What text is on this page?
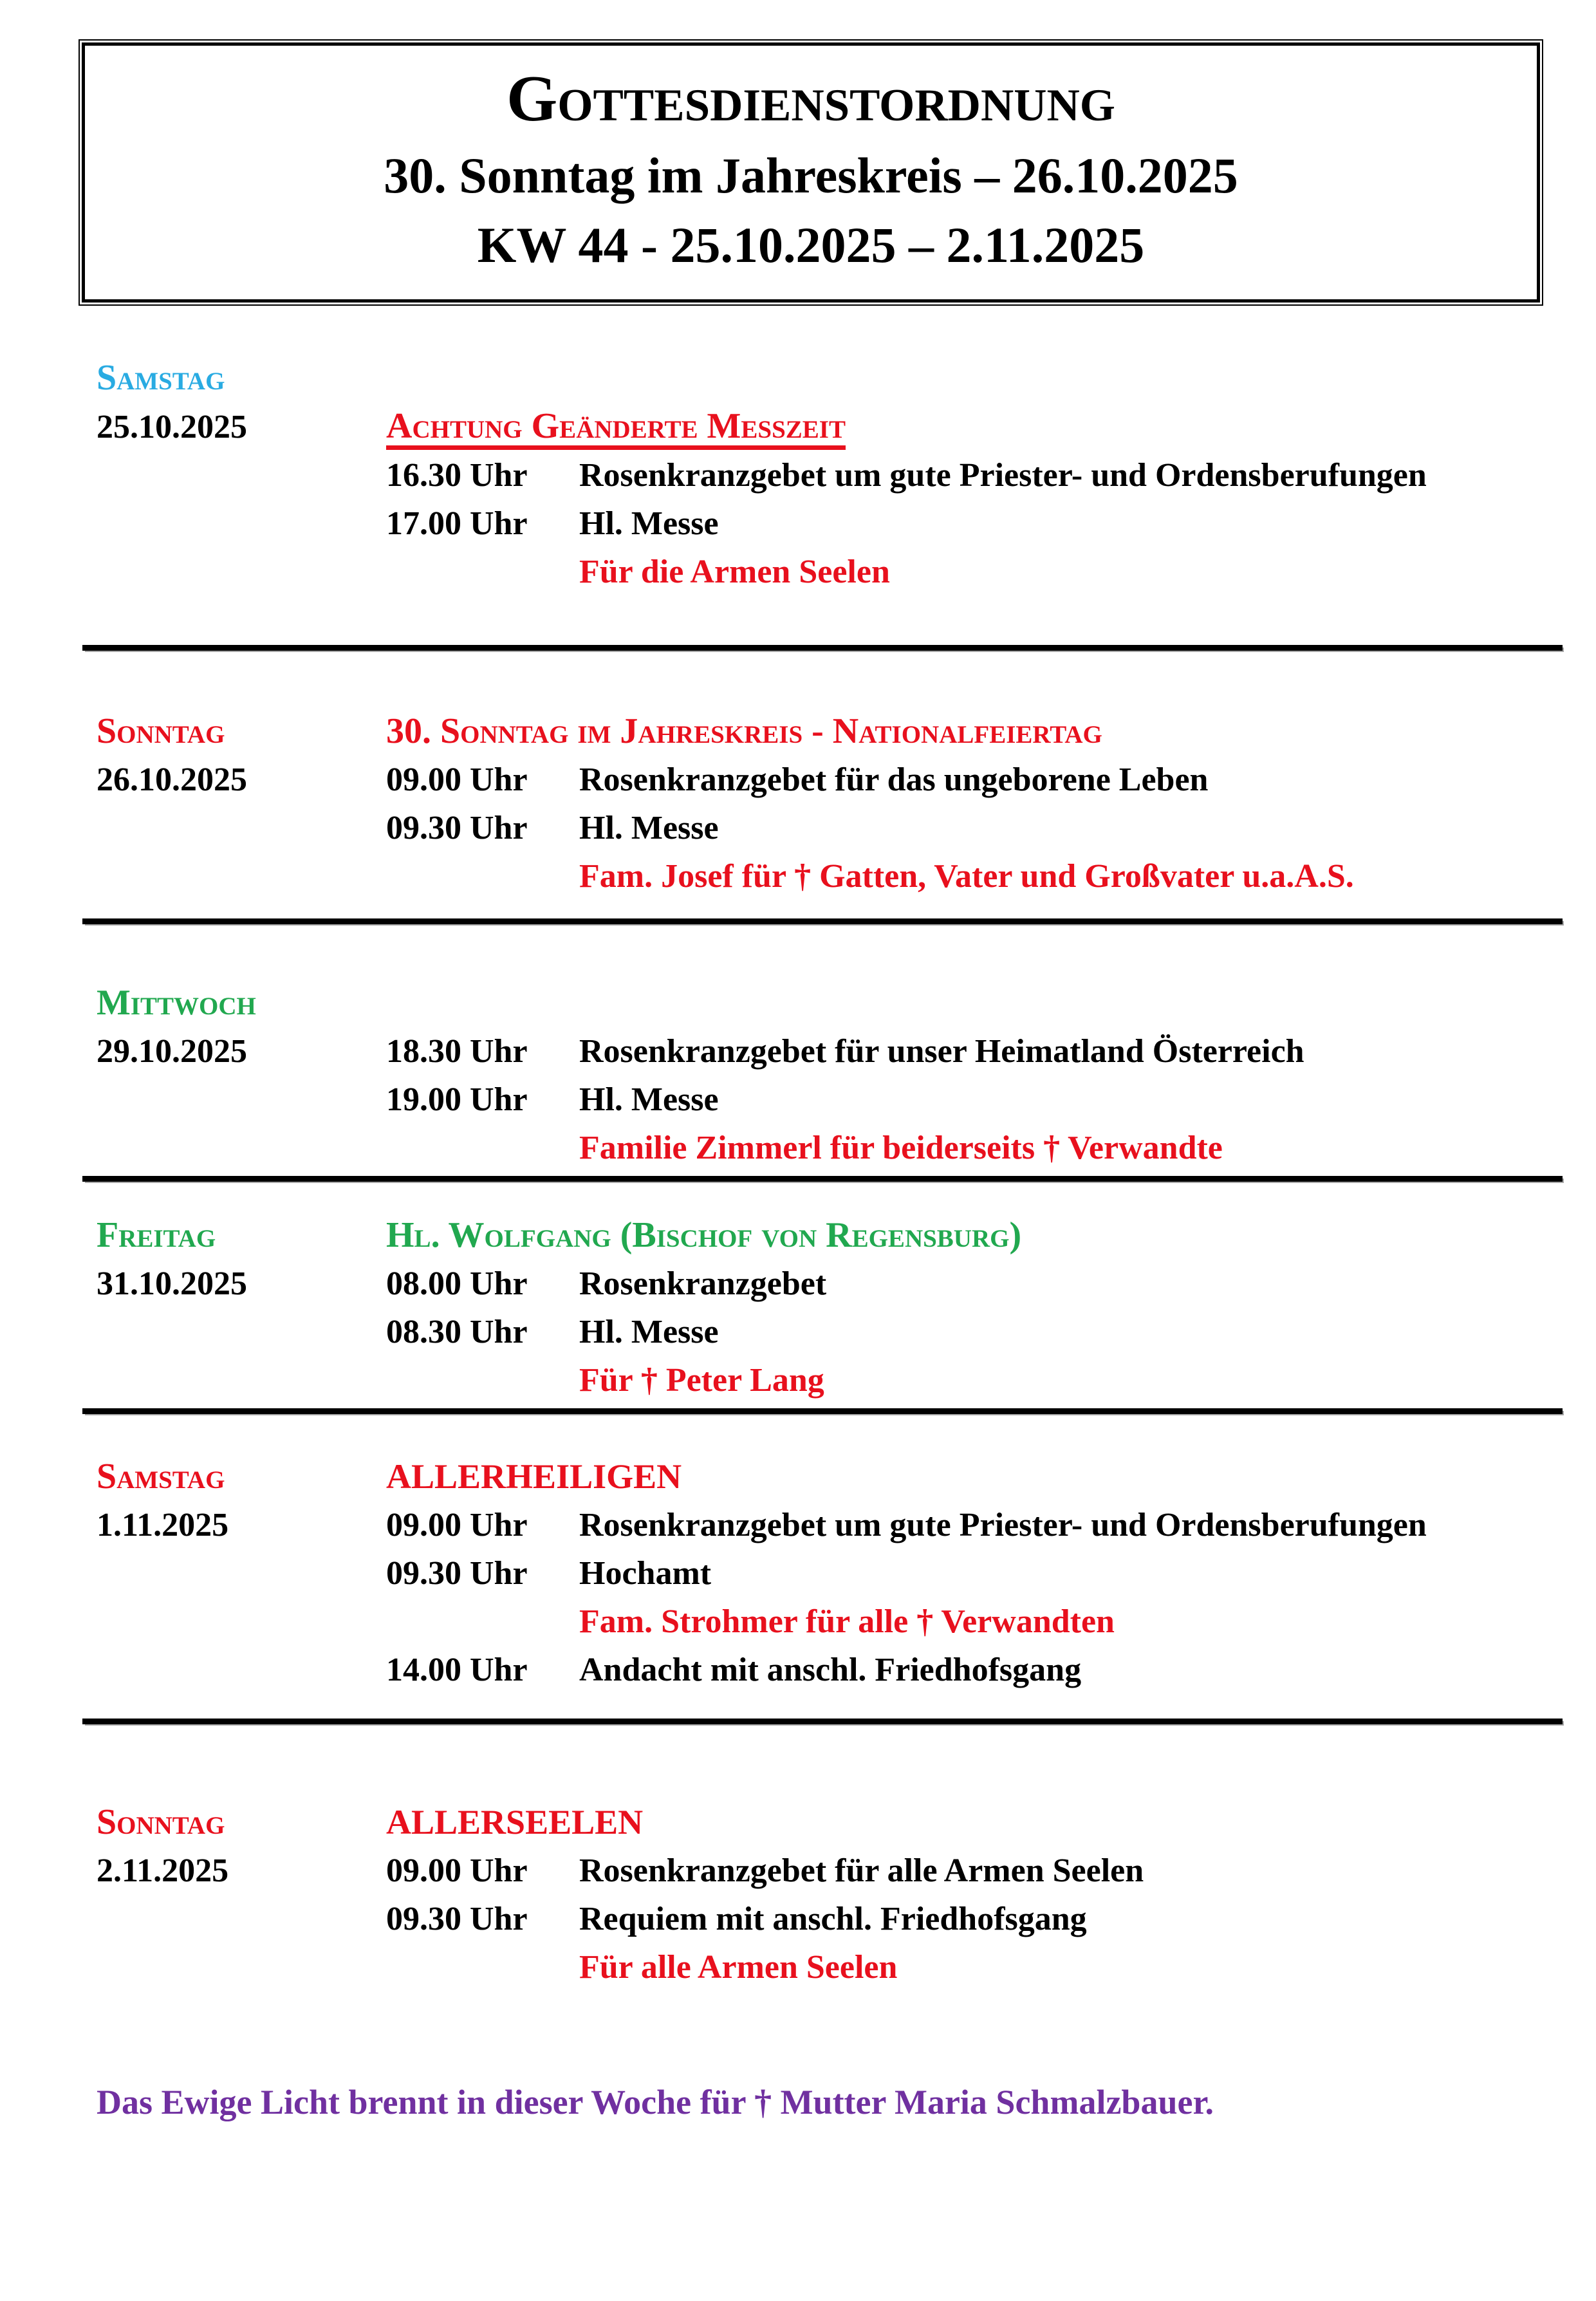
Gottesdienstordnung
30. Sonntag im Jahreskreis – 26.10.2025
KW 44 - 25.10.2025 – 2.11.2025
Samstag
25.10.2025	Achtung Geänderte Messzeit
16.30 Uhr	Rosenkranzgebet um gute Priester- und Ordensberufungen
17.00 Uhr	Hl. Messe
Für die Armen Seelen
Sonntag	30. Sonntag im Jahreskreis - Nationalfeiertag
26.10.2025	09.00 Uhr	Rosenkranzgebet für das ungeborene Leben
09.30 Uhr	Hl. Messe
Fam. Josef für † Gatten, Vater und Großvater u.a.A.S.
Mittwoch
29.10.2025	18.30 Uhr	Rosenkranzgebet für unser Heimatland Österreich
19.00 Uhr	Hl. Messe
Familie Zimmerl für beiderseits † Verwandte
Freitag	Hl. Wolfgang (Bischof von Regensburg)
31.10.2025	08.00 Uhr	Rosenkranzgebet
08.30 Uhr	Hl. Messe
Für † Peter Lang
Samstag	ALLERHEILIGEN
1.11.2025	09.00 Uhr	Rosenkranzgebet um gute Priester- und Ordensberufungen
09.30 Uhr	Hochamt
Fam. Strohmer für alle † Verwandten
14.00 Uhr	Andacht mit anschl. Friedhofsgang
Sonntag	ALLERSEELEN
2.11.2025	09.00 Uhr	Rosenkranzgebet für alle Armen Seelen
09.30 Uhr	Requiem mit anschl. Friedhofsgang
Für alle Armen Seelen
Das Ewige Licht brennt in dieser Woche für † Mutter Maria Schmalzbauer.
